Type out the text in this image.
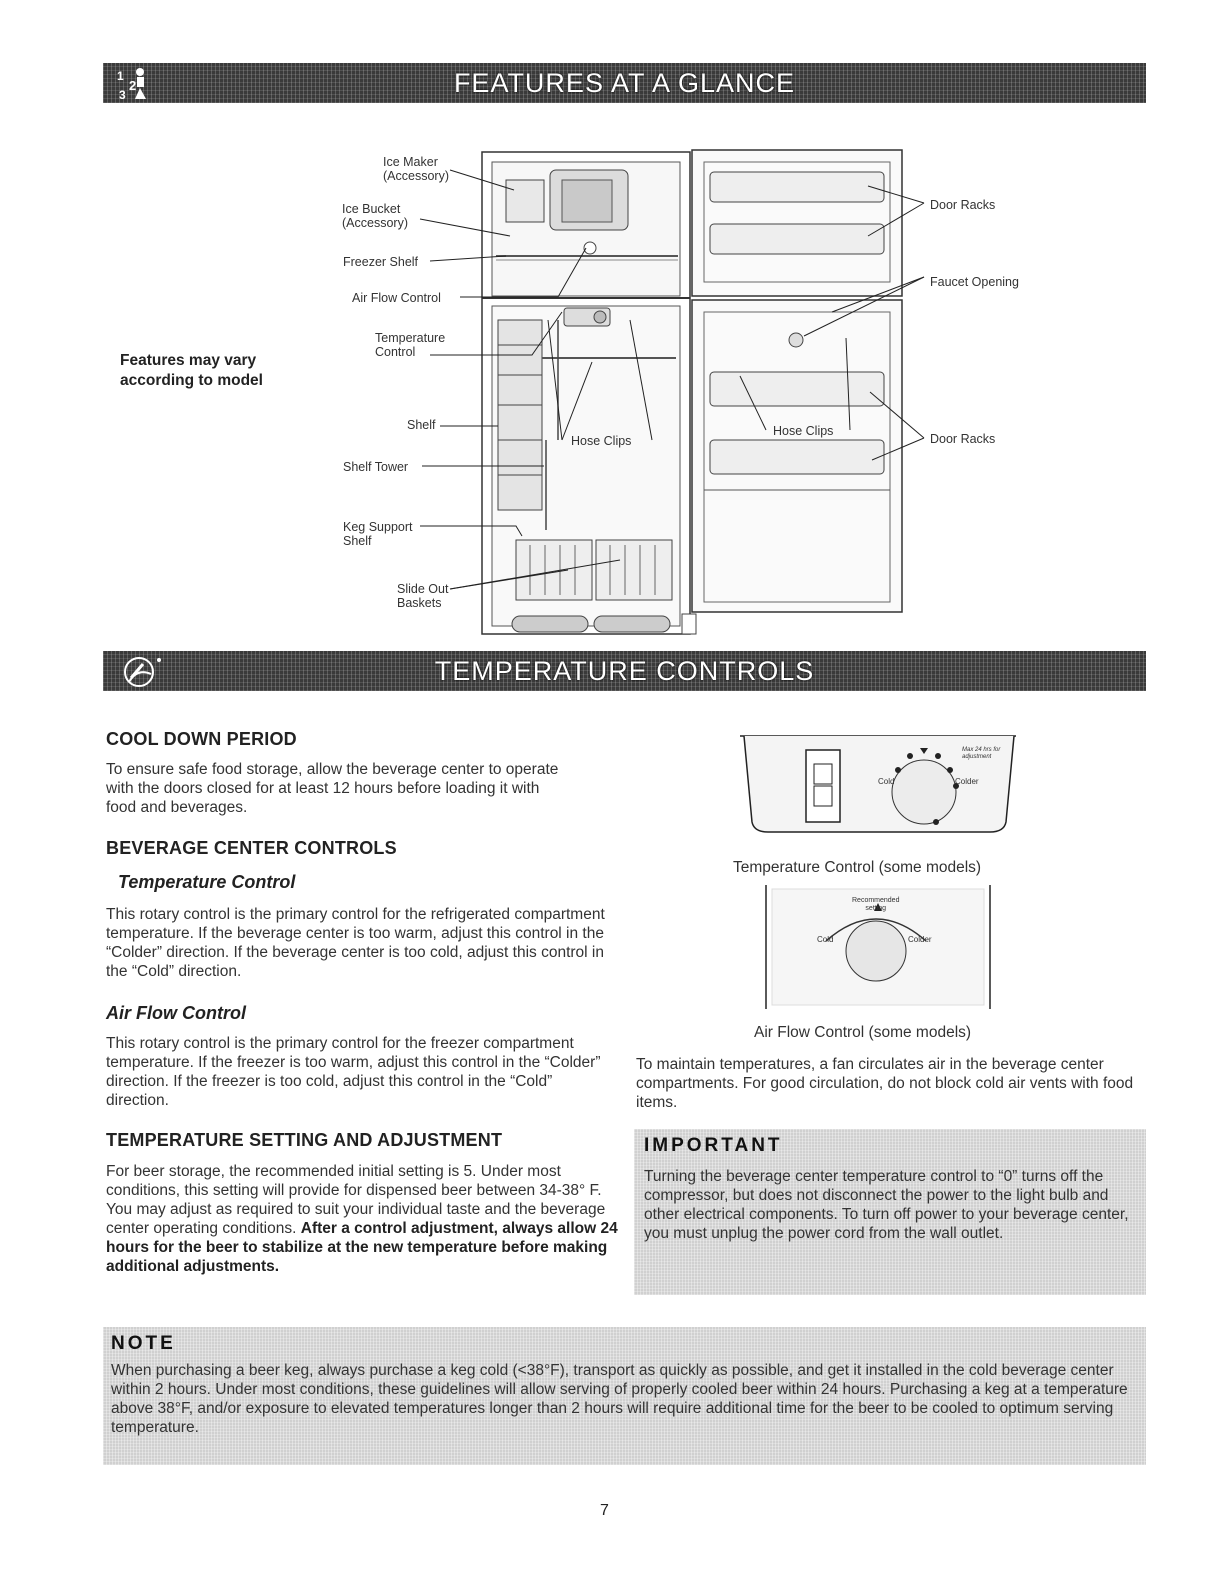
1
2
3	FEATURES AT A GLANCE
Features may vary
according to model
Ice Maker
(Accessory)
Ice Bucket
(Accessory)
Freezer Shelf
Air Flow Control
Temperature
Control
Shelf
Shelf Tower
Keg Support
Shelf
Slide Out
Baskets
Hose Clips
Hose Clips
Door Racks
Faucet Opening
Door Racks
TEMPERATURE CONTROLS
COOL DOWN PERIOD

To ensure safe food storage, allow the beverage center to operate with the doors closed for at least 12 hours before loading it with food and beverages.

BEVERAGE CENTER CONTROLS
Temperature Control

This rotary control is the primary control for the refrigerated compartment temperature. If the beverage center is too warm, adjust this control in the “Colder” direction. If the beverage center is too cold, adjust this control in the “Cold” direction.

Air Flow Control

This rotary control is the primary control for the freezer compartment temperature. If the freezer is too warm, adjust this control in the “Colder” direction. If the freezer is too cold, adjust this control in the “Cold” direction.

TEMPERATURE SETTING AND ADJUSTMENT

For beer storage, the recommended initial setting is 5. Under most conditions, this setting will provide for dispensed beer between 34-38° F. You may adjust as required to suit your individual taste and the beverage center operating conditions. After a control adjustment, always allow 24 hours for the beer to stabilize at the new temperature before making additional adjustments.

Cold	Colder
Max 24 hrs for
adjustment
Temperature Control (some models)
Recommended
setting
Cold	Colder
Air Flow Control (some models)

To maintain temperatures, a fan circulates air in the beverage center compartments. For good circulation, do not block cold air vents with food items.

IMPORTANT

Turning the beverage center temperature control to “0” turns off the compressor, but does not disconnect the power to the light bulb and other electrical components. To turn off power to your beverage center, you must unplug the power cord from the wall outlet.

NOTE

When purchasing a beer keg, always purchase a keg cold (<38°F), transport as quickly as possible, and get it installed in the cold beverage center within 2 hours. Under most conditions, these guidelines will allow serving of properly cooled beer within 24 hours. Purchasing a keg at a temperature above 38°F, and/or exposure to elevated temperatures longer than 2 hours will require additional time for the beer to be cooled to optimum serving temperature.

7
